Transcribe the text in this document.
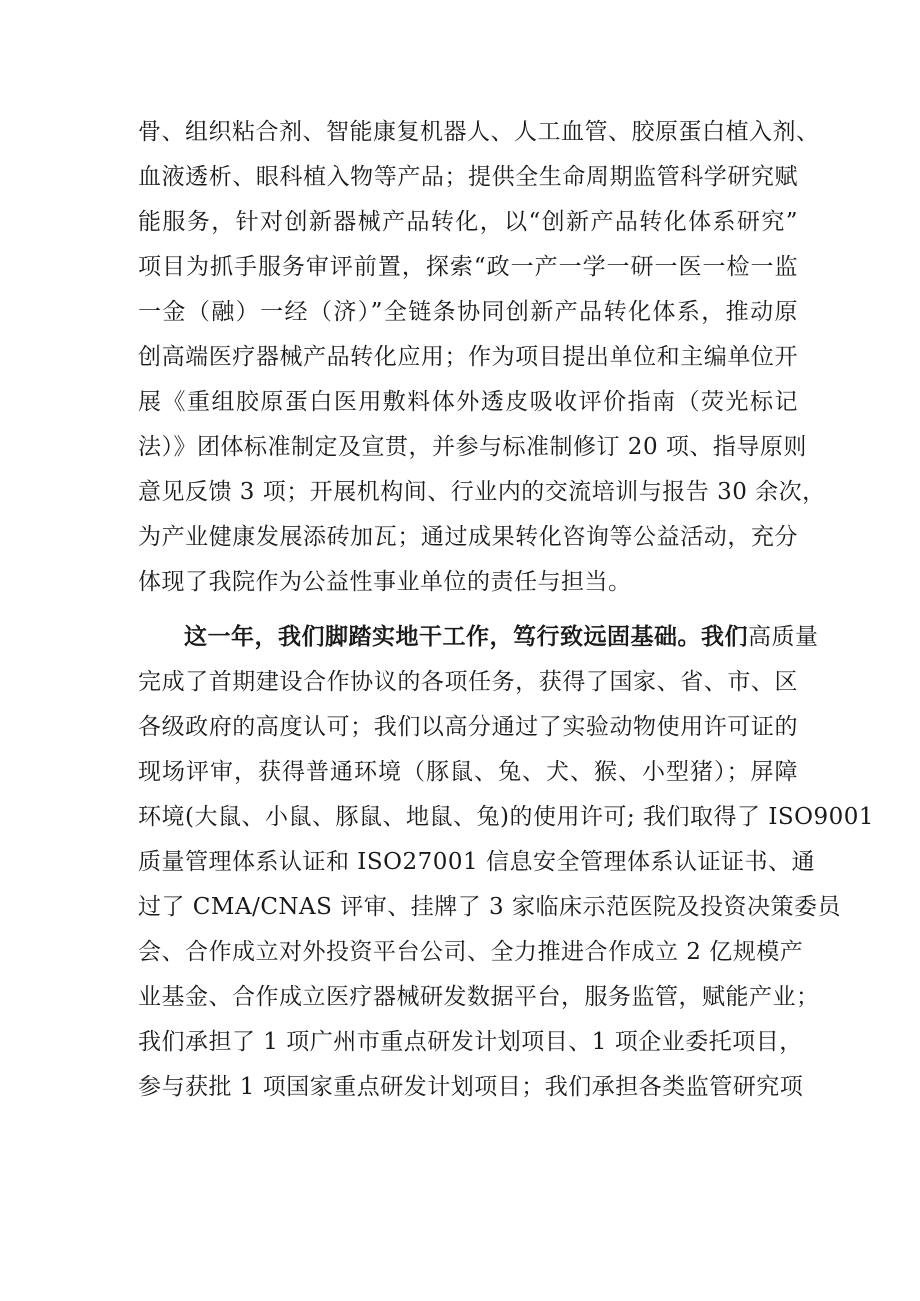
骨、组织粘合剂、智能康复机器人、人工血管、胶原蛋白植入剂、
血液透析、眼科植入物等产品；提供全生命周期监管科学研究赋
能服务，针对创新器械产品转化，以“创新产品转化体系研究”
项目为抓手服务审评前置，探索“政一产一学一研一医一检一监
一金（融）一经（济）”全链条协同创新产品转化体系，推动原
创高端医疗器械产品转化应用；作为项目提出单位和主编单位开
展《重组胶原蛋白医用敷料体外透皮吸收评价指南（荧光标记
法）》团体标准制定及宣贯，并参与标准制修订 20 项、指导原则
意见反馈 3 项；开展机构间、行业内的交流培训与报告 30 余次，
为产业健康发展添砖加瓦；通过成果转化咨询等公益活动，充分
体现了我院作为公益性事业单位的责任与担当。
这一年，我们脚踏实地干工作，笃行致远固基础。我们高质量
完成了首期建设合作协议的各项任务，获得了国家、省、市、区
各级政府的高度认可；我们以高分通过了实验动物使用许可证的
现场评审，获得普通环境（豚鼠、兔、犬、猴、小型猪）；屏障
环境(大鼠、小鼠、豚鼠、地鼠、兔)的使用许可; 我们取得了 ISO9001
质量管理体系认证和 ISO27001 信息安全管理体系认证证书、通
过了 CMA/CNAS 评审、挂牌了 3 家临床示范医院及投资决策委员
会、合作成立对外投资平台公司、全力推进合作成立 2 亿规模产
业基金、合作成立医疗器械研发数据平台，服务监管，赋能产业；
我们承担了 1 项广州市重点研发计划项目、1 项企业委托项目，
参与获批 1 项国家重点研发计划项目；我们承担各类监管研究项
